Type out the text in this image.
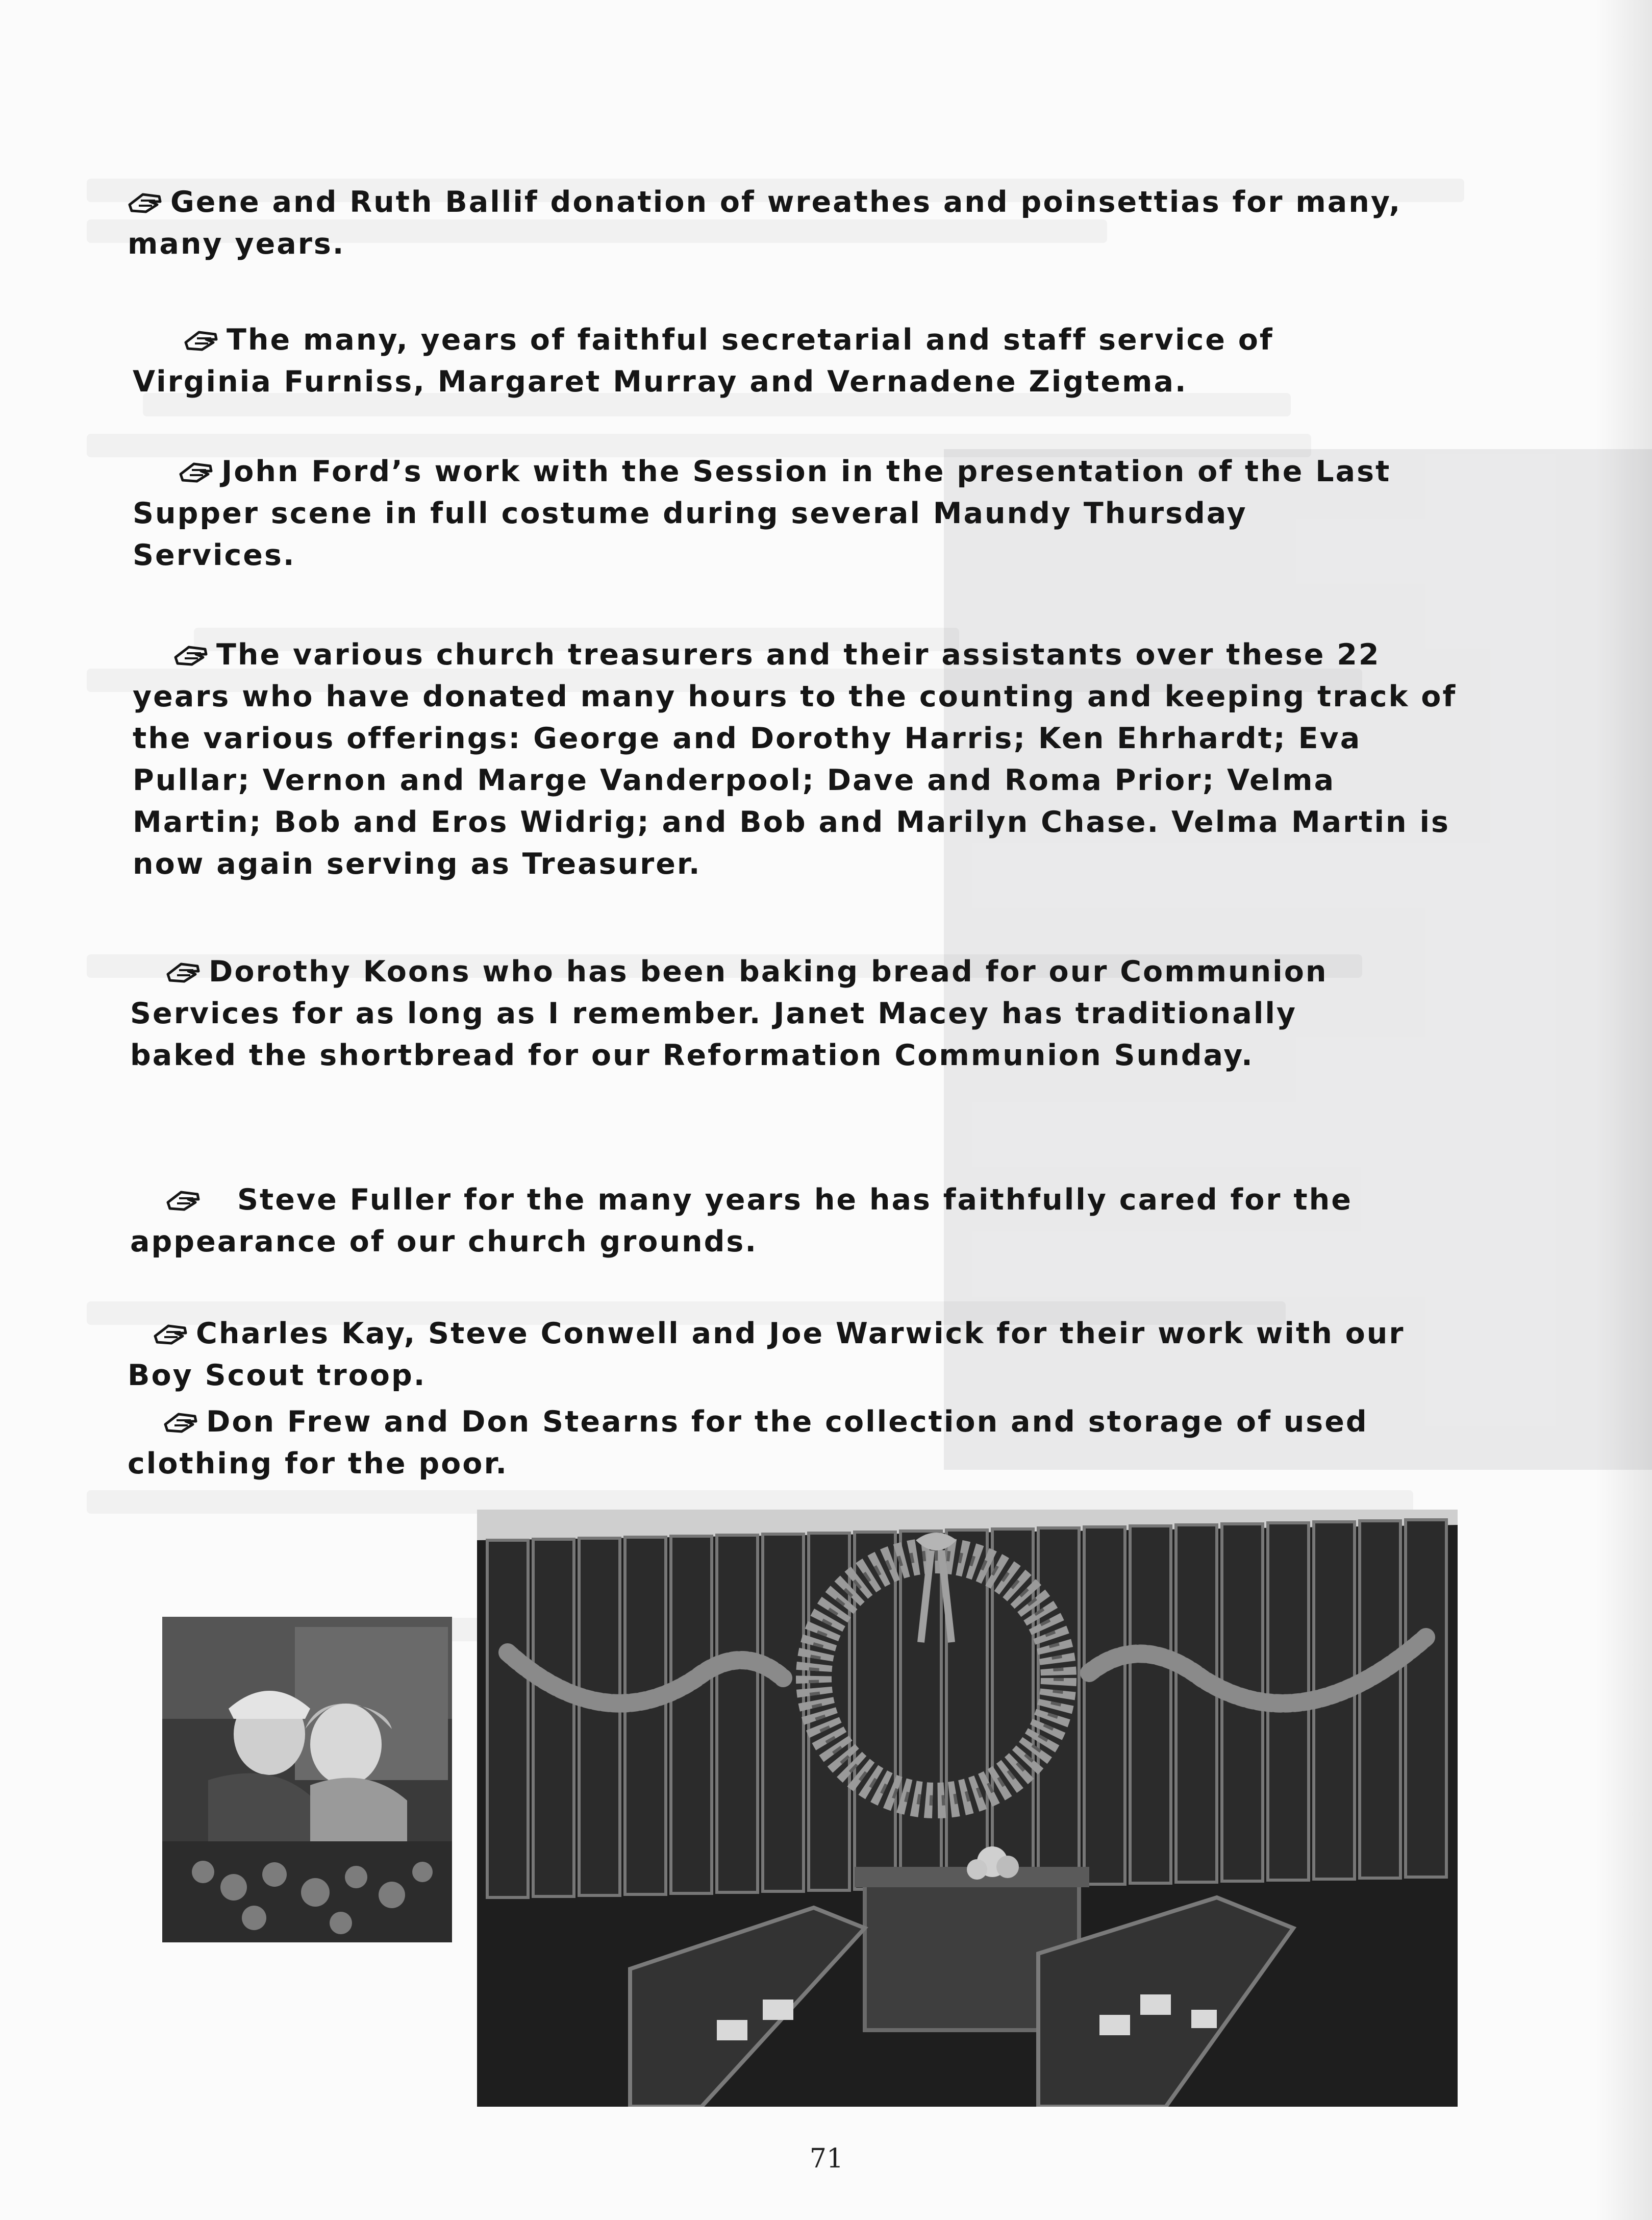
Gene and Ruth Ballif donation of wreathes and poinsettias for many, many years.

The many, years of faithful secretarial and staff service of Virginia Furniss, Margaret Murray and Vernadene Zigtema.

John Ford’s work with the Session in the presentation of the Last Supper scene in full costume during several Maundy Thursday Services.

The various church treasurers and their assistants over these 22 years who have donated many hours to the counting and keeping track of the various offerings: George and Dorothy Harris; Ken Ehrhardt; Eva Pullar; Vernon and Marge Vanderpool; Dave and Roma Prior; Velma Martin; Bob and Eros Widrig; and Bob and Marilyn Chase. Velma Martin is now again serving as Treasurer.

Dorothy Koons who has been baking bread for our Communion Services for as long as I remember. Janet Macey has traditionally baked the shortbread for our Reformation Communion Sunday.

Steve Fuller for the many years he has faithfully cared for the appearance of our church grounds.

Charles Kay, Steve Conwell and Joe Warwick for their work with our Boy Scout troop.

Don Frew and Don Stearns for the collection and storage of used clothing for the poor.

71
